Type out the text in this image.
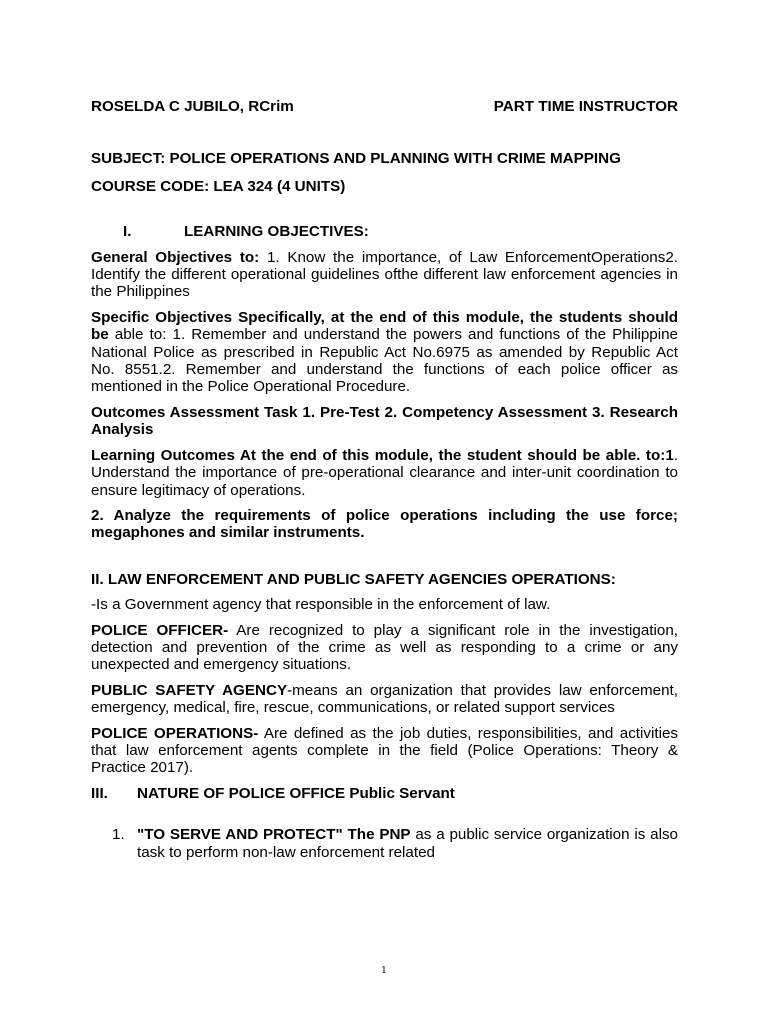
ROSELDA C JUBILO, RCrim	PART TIME INSTRUCTOR
SUBJECT: POLICE OPERATIONS AND PLANNING WITH CRIME MAPPING
COURSE CODE: LEA 324 (4 UNITS)
I.	LEARNING OBJECTIVES:

General Objectives to: 1. Know the importance, of Law EnforcementOperations2. Identify the different operational guidelines ofthe different law enforcement agencies in the Philippines

Specific Objectives Specifically, at the end of this module, the students should be able to: 1. Remember and understand the powers and functions of the Philippine National Police as prescribed in Republic Act No.6975 as amended by Republic Act No. 8551.2. Remember and understand the functions of each police officer as mentioned in the Police Operational Procedure.

Outcomes Assessment Task 1. Pre-Test 2. Competency Assessment 3. Research Analysis

Learning Outcomes At the end of this module, the student should be able. to:1. Understand the importance of pre-operational clearance and inter-unit coordination to ensure legitimacy of operations.

2. Analyze the requirements of police operations including the use force; megaphones and similar instruments.

II. LAW ENFORCEMENT AND PUBLIC SAFETY AGENCIES OPERATIONS:

-Is a Government agency that responsible in the enforcement of law.

POLICE OFFICER- Are recognized to play a significant role in the investigation, detection and prevention of the crime as well as responding to a crime or any unexpected and emergency situations.

PUBLIC SAFETY AGENCY-means an organization that provides law enforcement, emergency, medical, fire, rescue, communications, or related support services

POLICE OPERATIONS- Are defined as the job duties, responsibilities, and activities that law enforcement agents complete in the field (Police Operations: Theory & Practice 2017).

III.	NATURE OF POLICE OFFICE Public Servant
1. "TO SERVE AND PROTECT" The PNP as a public service organization is also task to perform non-law enforcement related
1
